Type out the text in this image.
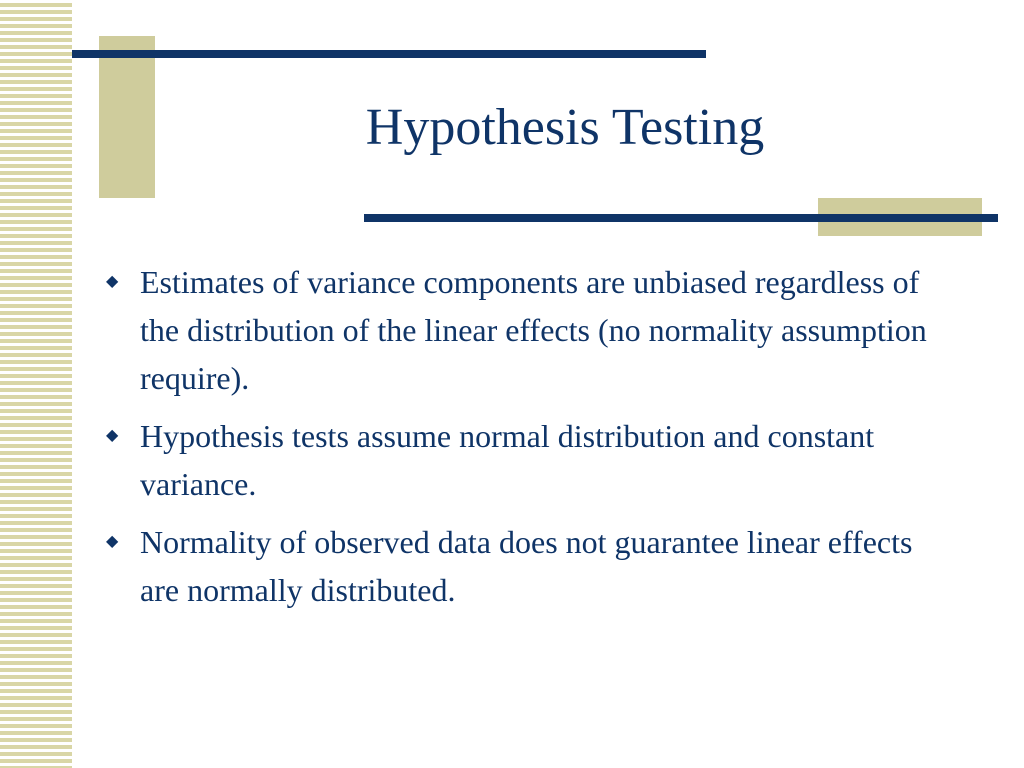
Hypothesis Testing
◆ Estimates of variance components are unbiased regardless of the distribution of the linear effects (no normality assumption require).
◆ Hypothesis tests assume normal distribution and constant variance.
◆ Normality of observed data does not guarantee linear effects are normally distributed.
